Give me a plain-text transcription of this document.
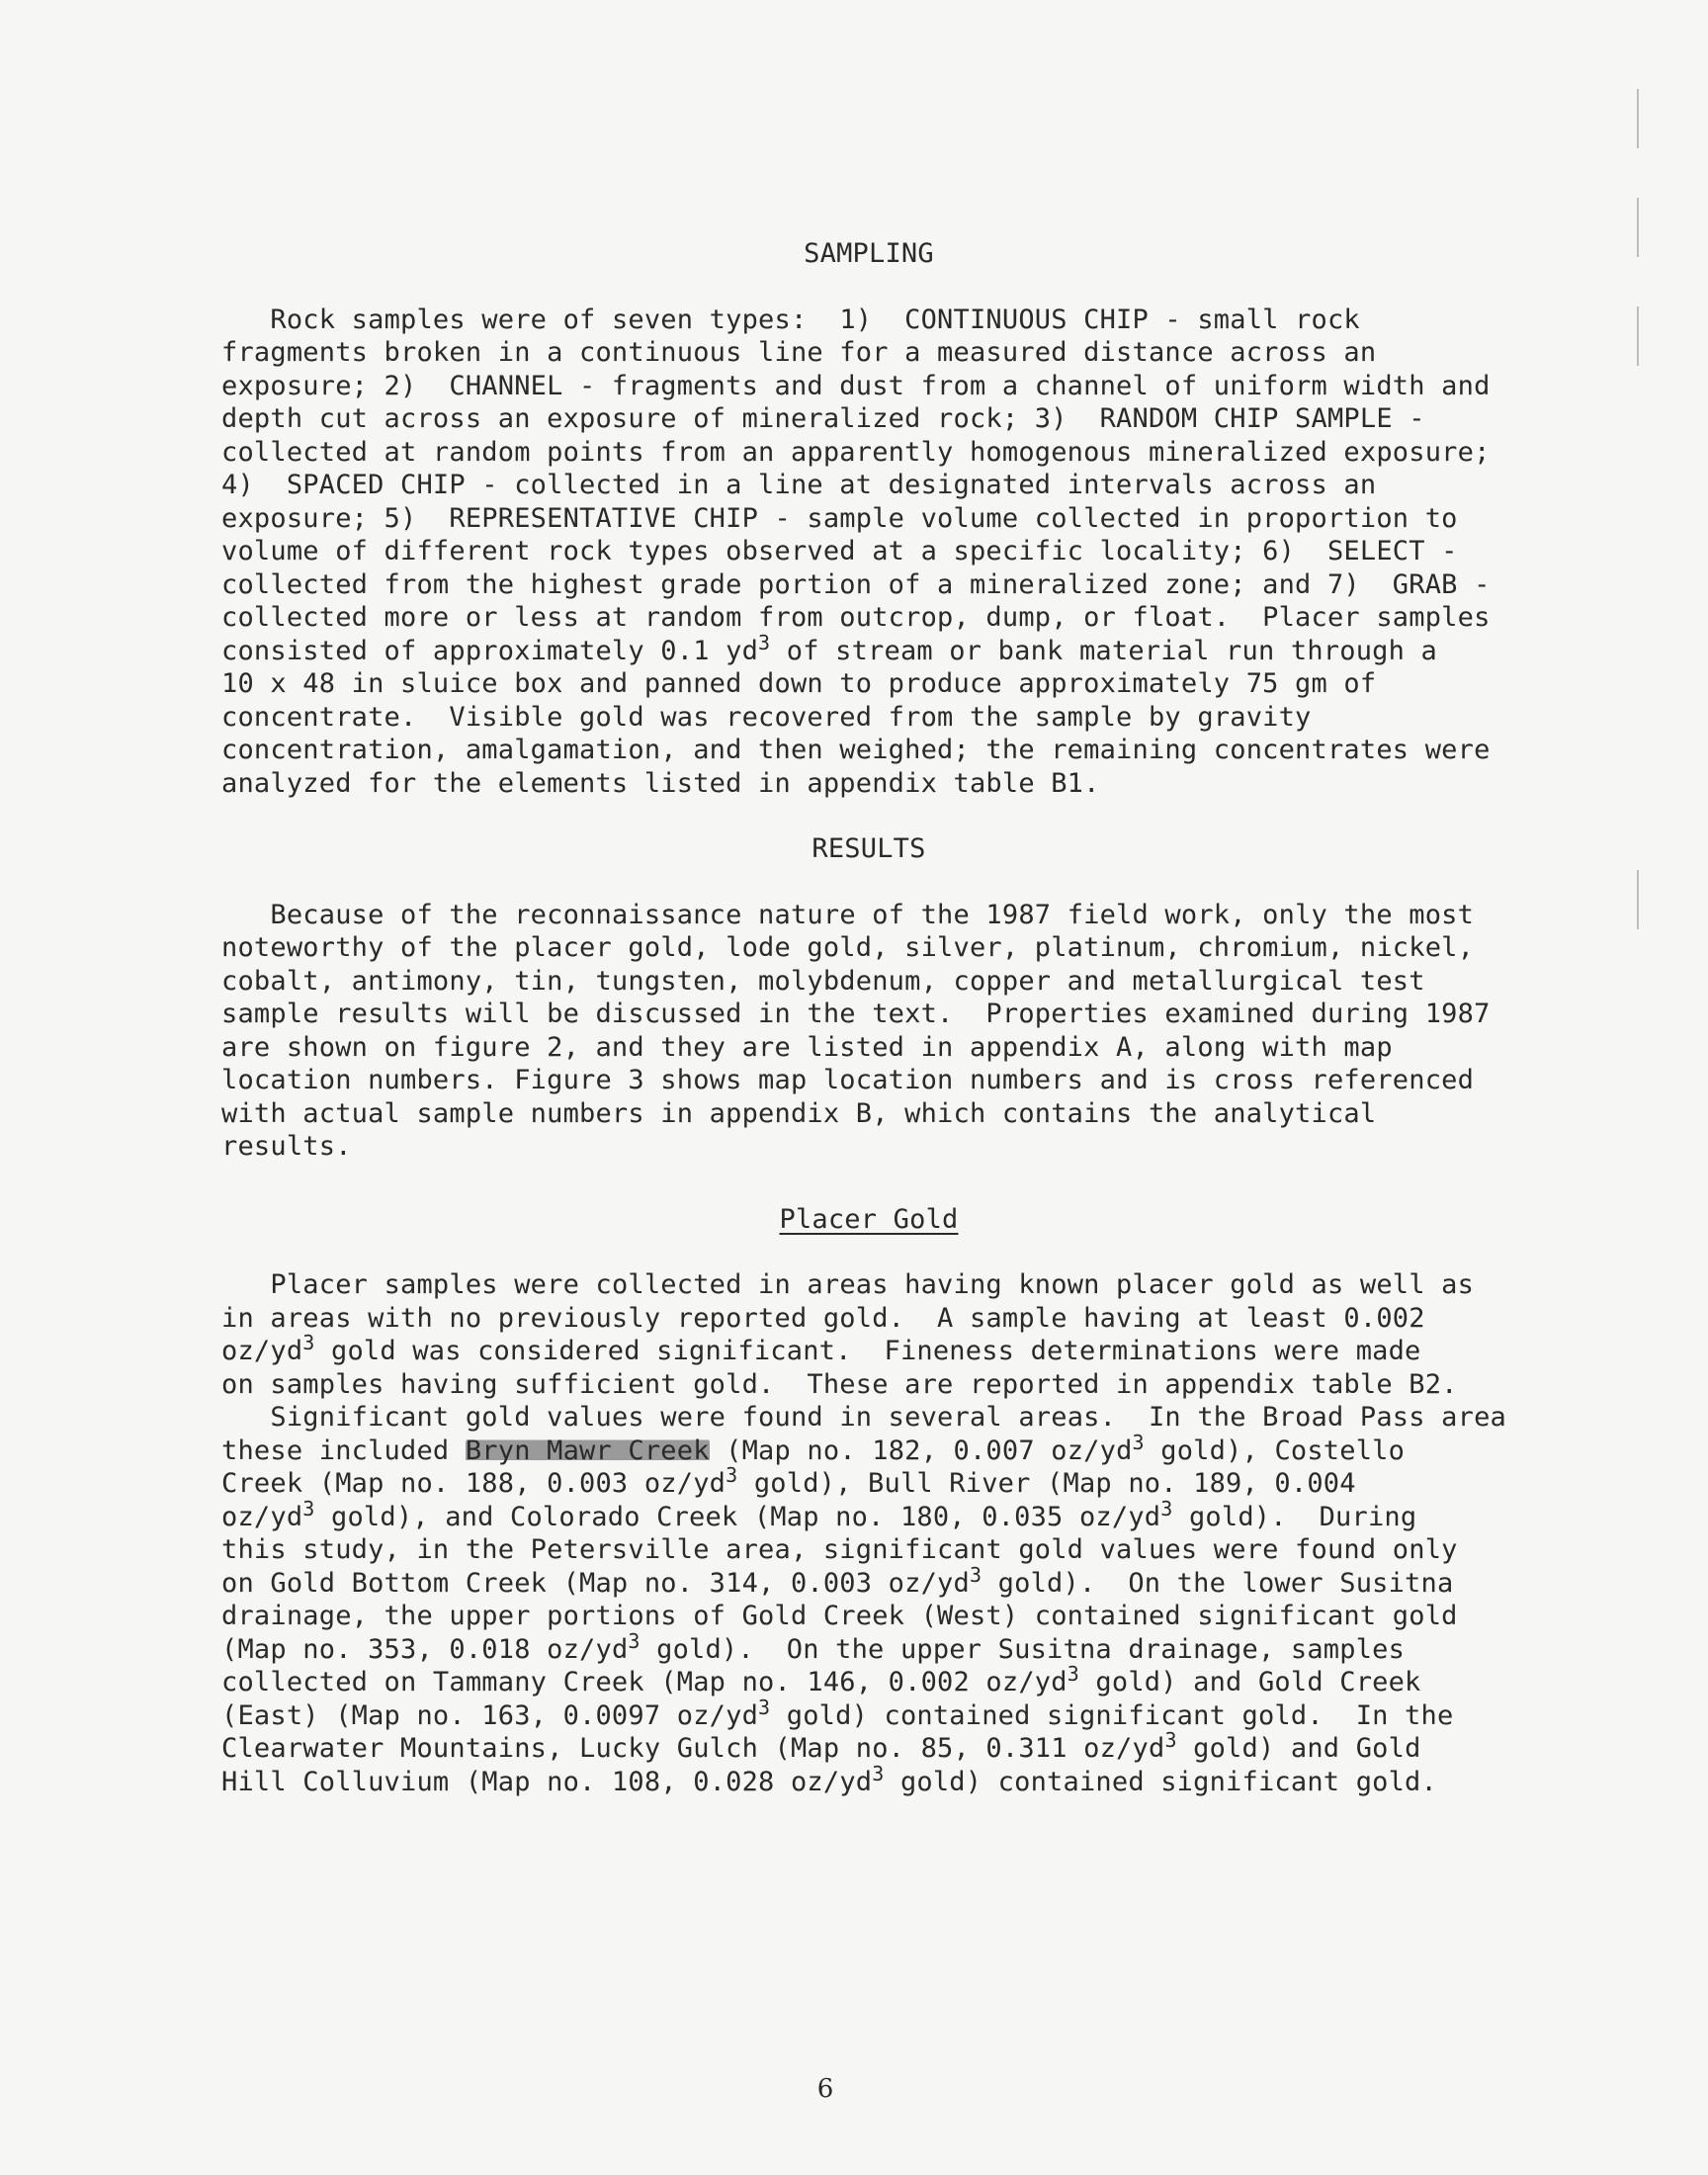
SAMPLING

Rock samples were of seven types:  1)  CONTINUOUS CHIP - small rock
fragments broken in a continuous line for a measured distance across an
exposure; 2)  CHANNEL - fragments and dust from a channel of uniform width and
depth cut across an exposure of mineralized rock; 3)  RANDOM CHIP SAMPLE -
collected at random points from an apparently homogenous mineralized exposure;
4)  SPACED CHIP - collected in a line at designated intervals across an
exposure; 5)  REPRESENTATIVE CHIP - sample volume collected in proportion to
volume of different rock types observed at a specific locality; 6)  SELECT -
collected from the highest grade portion of a mineralized zone; and 7)  GRAB -
collected more or less at random from outcrop, dump, or float.  Placer samples
consisted of approximately 0.1 $yd^3$ of stream or bank material run through a
10 x 48 in sluice box and panned down to produce approximately 75 gm of
concentrate.  Visible gold was recovered from the sample by gravity
concentration, amalgamation, and then weighed; the remaining concentrates were
analyzed for the elements listed in appendix table B1.

RESULTS

Because of the reconnaissance nature of the 1987 field work, only the most
noteworthy of the placer gold, lode gold, silver, platinum, chromium, nickel,
cobalt, antimony, tin, tungsten, molybdenum, copper and metallurgical test
sample results will be discussed in the text.  Properties examined during 1987
are shown on figure 2, and they are listed in appendix A, along with map
location numbers. Figure 3 shows map location numbers and is cross referenced
with actual sample numbers in appendix B, which contains the analytical
results.

Placer Gold

Placer samples were collected in areas having known placer gold as well as
in areas with no previously reported gold.  A sample having at least 0.002
$oz/yd^3$ gold was considered significant.  Fineness determinations were made
on samples having sufficient gold.  These are reported in appendix table B2.

Significant gold values were found in several areas.  In the Broad Pass area
these included Bryn Mawr Creek (Map no. 182, 0.007 $oz/yd^3$ gold), Costello
Creek (Map no. 188, 0.003 $oz/yd^3$ gold), Bull River (Map no. 189, 0.004
$oz/yd^3$ gold), and Colorado Creek (Map no. 180, 0.035 $oz/yd^3$ gold).  During
this study, in the Petersville area, significant gold values were found only
on Gold Bottom Creek (Map no. 314, 0.003 $oz/yd^3$ gold).  On the lower Susitna
drainage, the upper portions of Gold Creek (West) contained significant gold
(Map no. 353, 0.018 $oz/yd^3$ gold).  On the upper Susitna drainage, samples
collected on Tammany Creek (Map no. 146, 0.002 $oz/yd^3$ gold) and Gold Creek
(East) (Map no. 163, 0.0097 $oz/yd^3$ gold) contained significant gold.  In the
Clearwater Mountains, Lucky Gulch (Map no. 85, 0.311 $oz/yd^3$ gold) and Gold
Hill Colluvium (Map no. 108, 0.028 $oz/yd^3$ gold) contained significant gold.

6
